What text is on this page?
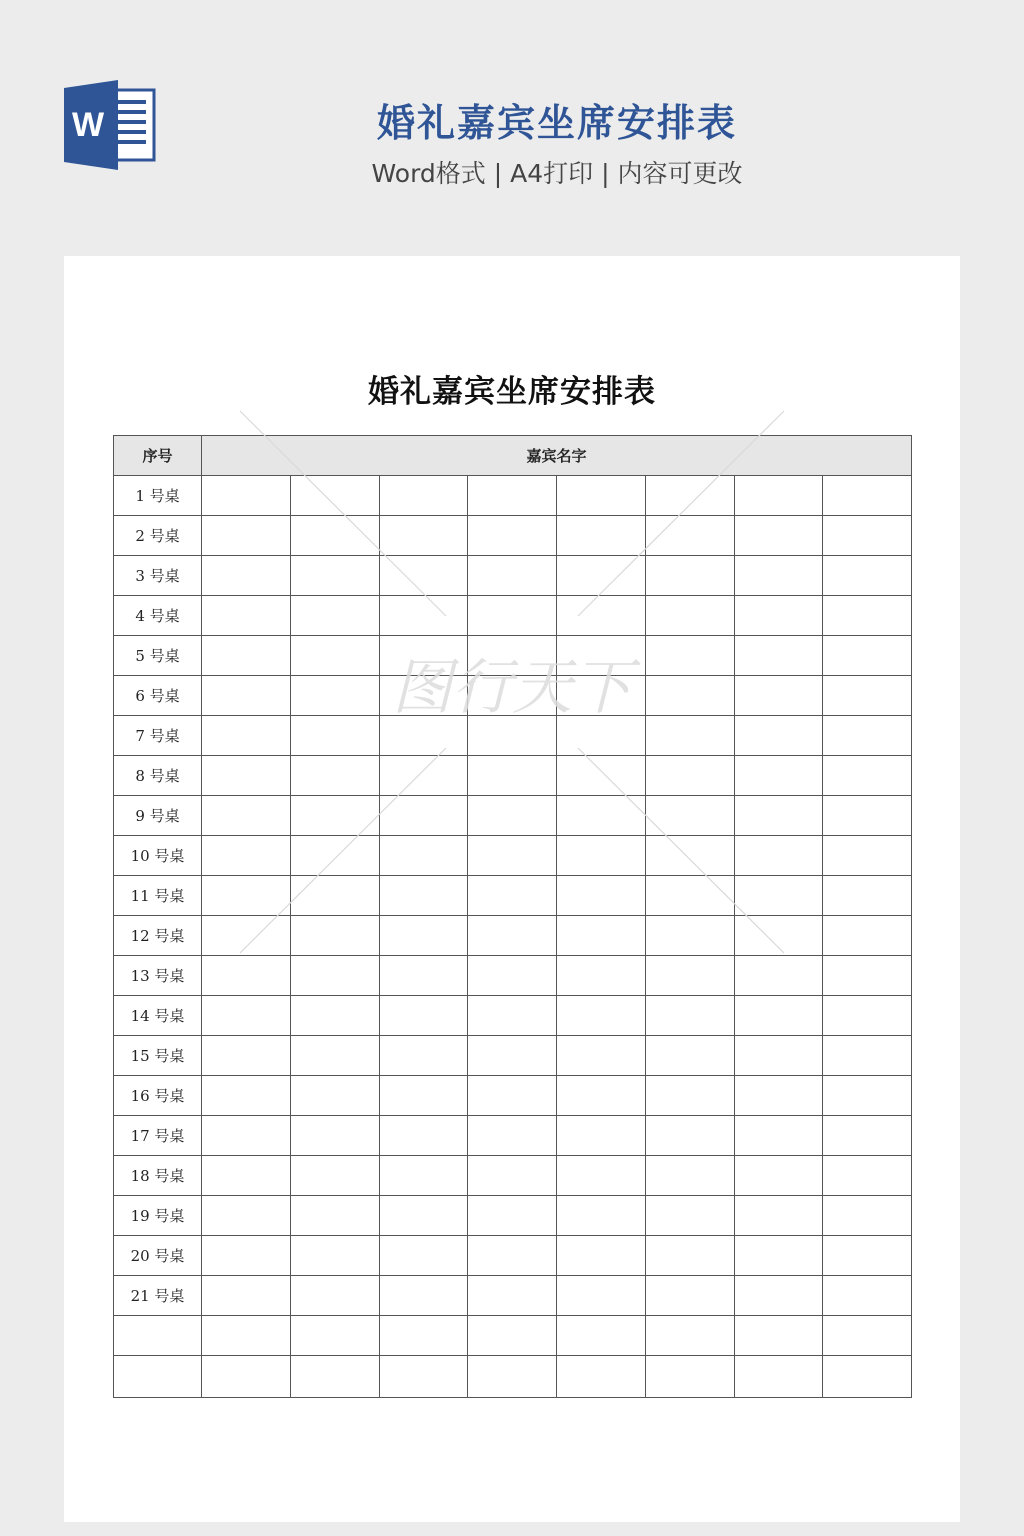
W	婚礼嘉宾坐席安排表
Word格式 | A4打印 | 内容可更改
婚礼嘉宾坐席安排表
序号	嘉宾名字							
1 号桌								
2 号桌								
3 号桌								
4 号桌								
5 号桌								
6 号桌								
7 号桌								
8 号桌								
9 号桌								
10 号桌								
11 号桌								
12 号桌								
13 号桌								
14 号桌								
15 号桌								
16 号桌								
17 号桌								
18 号桌								
19 号桌								
20 号桌								
21 号桌								

图行天下
